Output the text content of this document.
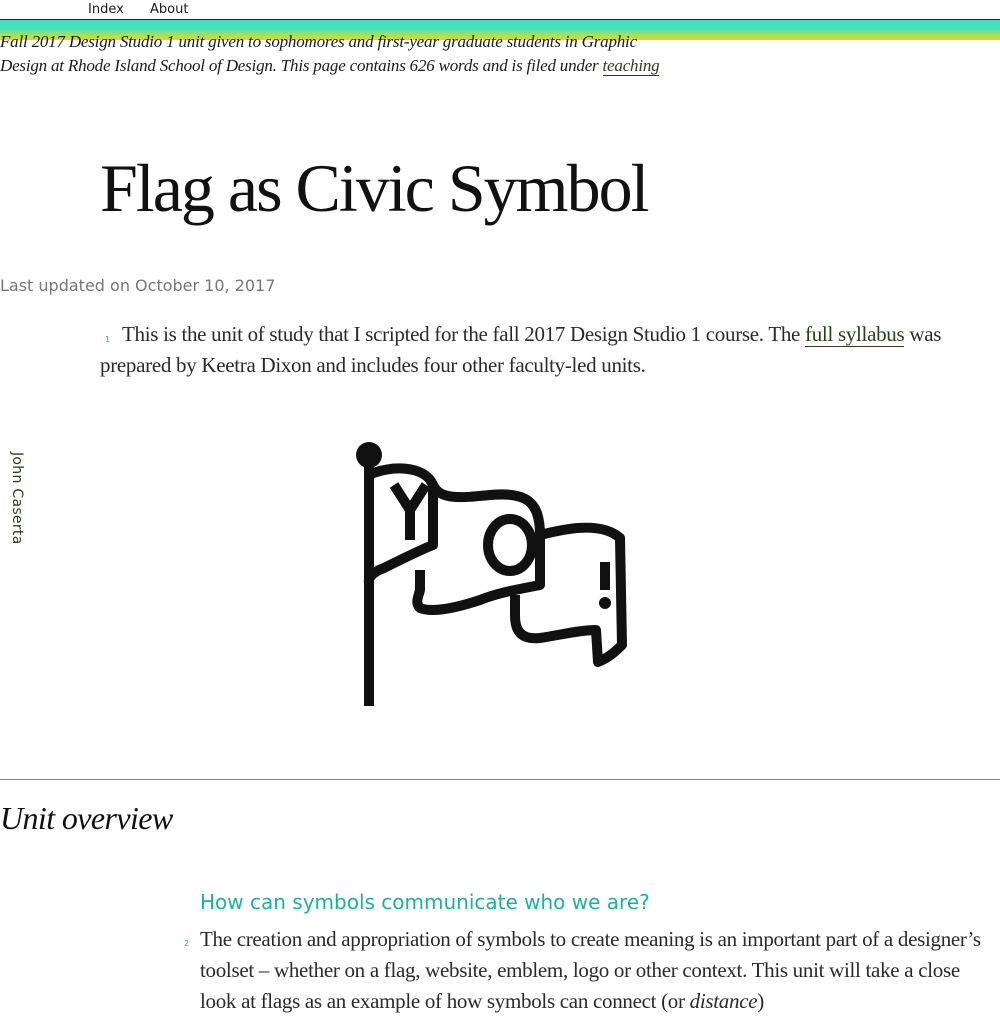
Index About
Fall 2017 Design Studio 1 unit given to sophomores and first-year graduate students in Graphic Design at Rhode Island School of Design. This page contains 626 words and is filed under teaching
Flag as Civic Symbol
Last updated on October 10, 2017
1 This is the unit of study that I scripted for the fall 2017 Design Studio 1 course. The full syllabus was prepared by Keetra Dixon and includes four other faculty-led units.
John Caserta
Unit overview
How can symbols communicate who we are?
2 The creation and appropriation of symbols to create meaning is an important part of a designer’s toolset – whether on a flag, website, emblem, logo or other context. This unit will take a close look at flags as an example of how symbols can connect (or distance)
